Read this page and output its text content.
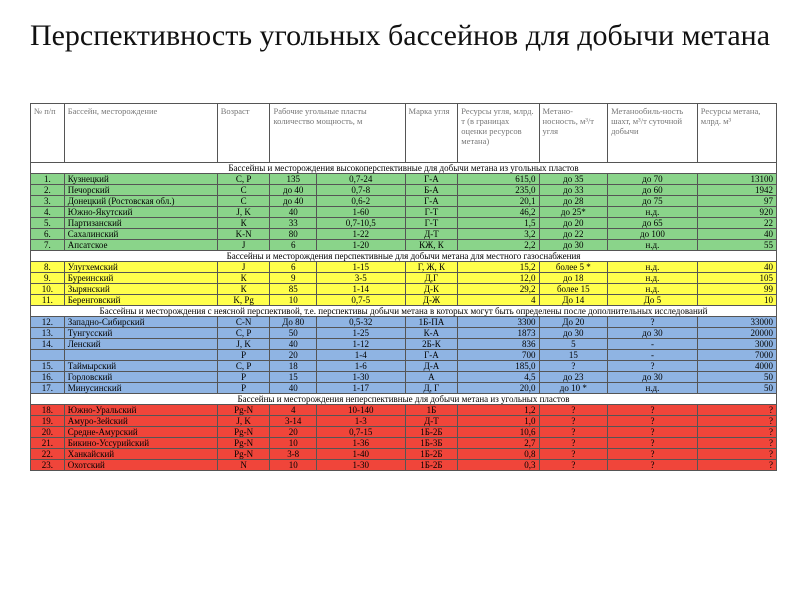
Перспективность угольных бассейнов для добычи метана
№ п/п	Бассейн, месторождение	Возраст	Рабочие угольные пласты количество мощность, м		Марка угля	Ресурсы угля, млрд. т (в границах оценки ресурсов метана)	Метано-носность, м³/т угля	Метанообиль-ность шахт, м³/т суточной добычи	Ресурсы метана, млрд. м³
Бассейны и месторождения высокоперспективные для добычи метана из угольных пластов									
1.	Кузнецкий	С, Р	135	0,7-24	Г-А	615,0	до 35	до 70	13100
2.	Печорский	С	до 40	0,7-8	Б-А	235,0	до 33	до 60	1942
3.	Донецкий (Ростовская обл.)	С	до 40	0,6-2	Г-А	20,1	до 28	до 75	97
4.	Южно-Якутский	J, K	40	1-60	Г-Т	46,2	до 25*	н.д.	920
5.	Партизанский	К	33	0,7-10,5	Г-Т	1,5	до 20	до 65	22
6.	Сахалинский	K-N	80	1-22	Д-Т	3,2	до 22	до 100	40
7.	Апсатское	J	6	1-20	КЖ, К	2,2	до 30	н.д.	55
Бассейны и месторождения перспективные для добычи метана для местного газоснабжения									
8.	Улугхемский	J	6	1-15	Г, Ж, К	15,2	более 5 *	н.д.	40
9.	Буреинский	К	9	3-5	Д,Г	12,0	до 18	н.д.	105
10.	Зырянский	К	85	1-14	Д-К	29,2	более 15	н.д.	99
11.	Беренговский	K, Pg	10	0,7-5	Д-Ж	4	До 14	До 5	10
Бассейны и месторождения с неясной перспективой, т.е. перспективы добычи метана в которых могут быть определены после дополнительных исследований									
12.	Западно-Сибирский	C-N	До 80	0,5-32	1Б-ПА	3300	До 20	?	33000
13.	Тунгусский	С, Р	50	1-25	К-А	1873	до 30	до 30	20000
14.	Ленский	J, K	40	1-12	2Б-К	836	5	-	3000
		Р	20	1-4	Г-А	700	15	-	7000
15.	Таймырский	С, Р	18	1-6	Д-А	185,0	?	?	4000
16.	Горловский	Р	15	1-30	А	4,5	до 23	до 30	50
17.	Минусинский	Р	40	1-17	Д, Г	20,0	до 10 *	н.д.	50
Бассейны и месторождения неперспективные для добычи метана из угольных пластов									
18.	Южно-Уральский	Pg-N	4	10-140	1Б	1,2	?	?	?
19.	Амуро-Зейский	J, K	3-14	1-3	Д-Т	1,0	?	?	?
20.	Средне-Амурский	Pg-N	20	0,7-15	1Б-2Б	10,6	?	?	?
21.	Бикино-Уссурийский	Pg-N	10	1-36	1Б-3Б	2,7	?	?	?
22.	Ханкайский	Pg-N	3-8	1-40	1Б-2Б	0,8	?	?	?
23.	Охотский	N	10	1-30	1Б-2Б	0,3	?	?	?
